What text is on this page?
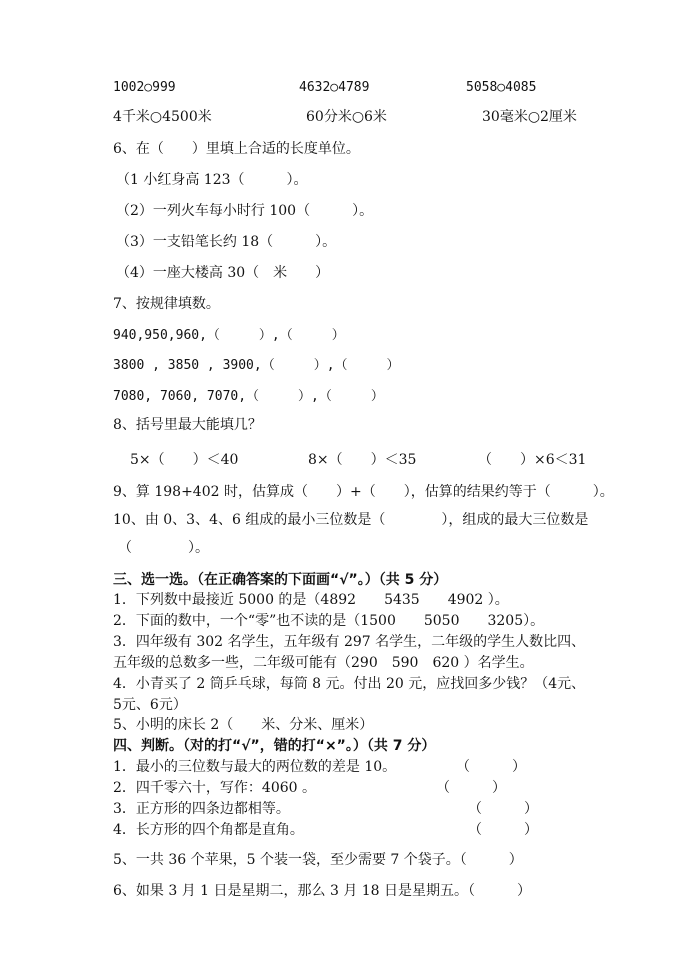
1002○999	4632○4789	5058○4085
4千米○4500米	60分米○6米	30毫米○2厘米
6、在（　　）里填上合适的长度单位。
（1 小红身高 123（　　　）。
（2）一列火车每小时行 100（　　　）。
（3）一支铅笔长约 18（　　　）。
（4）一座大楼高 30（　米　　）
7、按规律填数。
940,950,960,（　　　）,（　　　）
3800 , 3850 , 3900,（　　　）,（　　　）
7080, 7060, 7070,（　　　）,（　　　）
8、括号里最大能填几？
5×（　　）＜40	8×（　　）＜35	（　　）×6＜31
9、算 198+402 时，估算成（　　）+（　　），估算的结果约等于（　　　）。
10、由 0、3、4、6 组成的最小三位数是（　　　　），组成的最大三位数是
（　　　　）。
三、选一选。（在正确答案的下面画“√”。）（共 5 分）
1．下列数中最接近 5000 的是（4892　　5435　　4902 ）。
2．下面的数中，一个“零”也不读的是（1500　　5050　　3205）。
3．四年级有 302 名学生，五年级有 297 名学生，二年级的学生人数比四、
五年级的总数多一些，二年级可能有（290　590　620 ）名学生。
4．小青买了 2 筒乒乓球，每筒 8 元。付出 20 元，应找回多少钱？（4元、
5元、6元）
5、小明的床长 2（　　米、分米、厘米）
四、判断。（对的打“√”，错的打“×”。）（共 7 分）
1．最小的三位数与最大的两位数的差是 10。	（　　　）
2．四千零六十，写作：4060 。	（　　　）
3．正方形的四条边都相等。	（　　　）
4．长方形的四个角都是直角。	（　　　）
5、一共 36 个苹果，5 个装一袋，至少需要 7 个袋子。（　　　）
6、如果 3 月 1 日是星期二，那么 3 月 18 日是星期五。（　　　）
